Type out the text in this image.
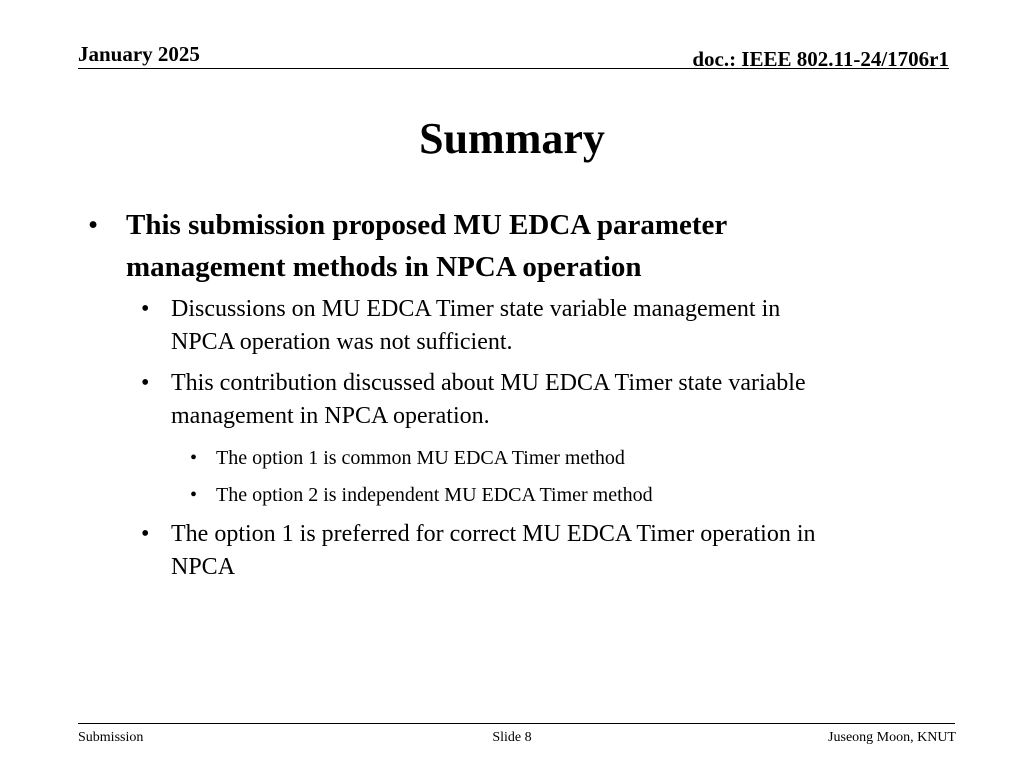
January 2025	doc.: IEEE 802.11-24/1706r1
Summary
• This submission proposed MU EDCA parameter
management methods in NPCA operation
• Discussions on MU EDCA Timer state variable management in
NPCA operation was not sufficient.
• This contribution discussed about MU EDCA Timer state variable
management in NPCA operation.
• The option 1 is common MU EDCA Timer method
• The option 2 is independent MU EDCA Timer method
• The option 1 is preferred for correct MU EDCA Timer operation in
NPCA
Submission	Slide 8	Juseong Moon, KNUT
